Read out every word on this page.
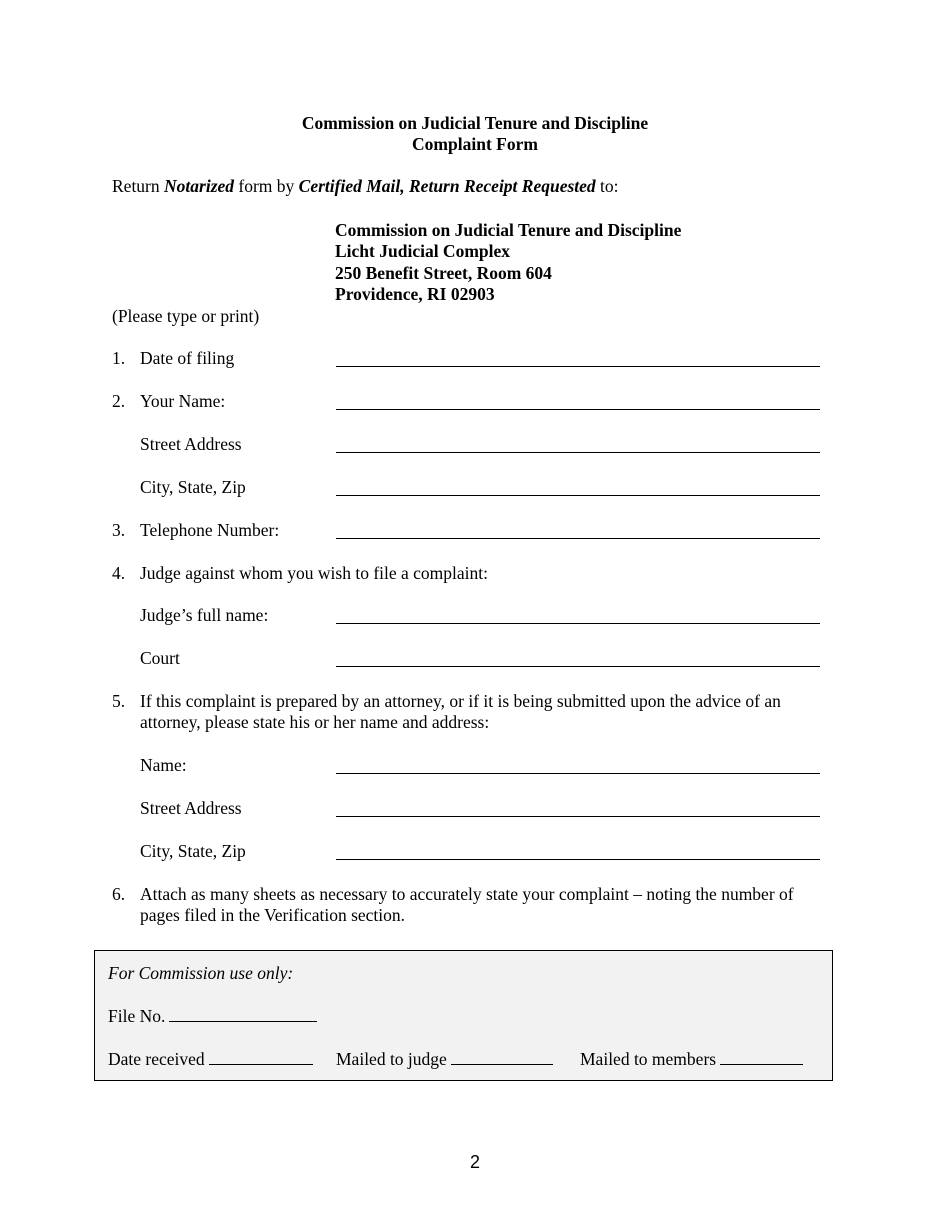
Commission on Judicial Tenure and Discipline
Complaint Form
Return Notarized form by Certified Mail, Return Receipt Requested to:
Commission on Judicial Tenure and Discipline
Licht Judicial Complex
250 Benefit Street, Room 604
Providence, RI 02903
(Please type or print)
1. Date of filing
2. Your Name:
Street Address
City, State, Zip
3. Telephone Number:
4. Judge against whom you wish to file a complaint:
Judge’s full name:
Court
5. If this complaint is prepared by an attorney, or if it is being submitted upon the advice of an
attorney, please state his or her name and address:
Name:
Street Address
City, State, Zip
6. Attach as many sheets as necessary to accurately state your complaint – noting the number of
pages filed in the Verification section.
For Commission use only:
File No.
Date received	Mailed to judge	Mailed to members
2
